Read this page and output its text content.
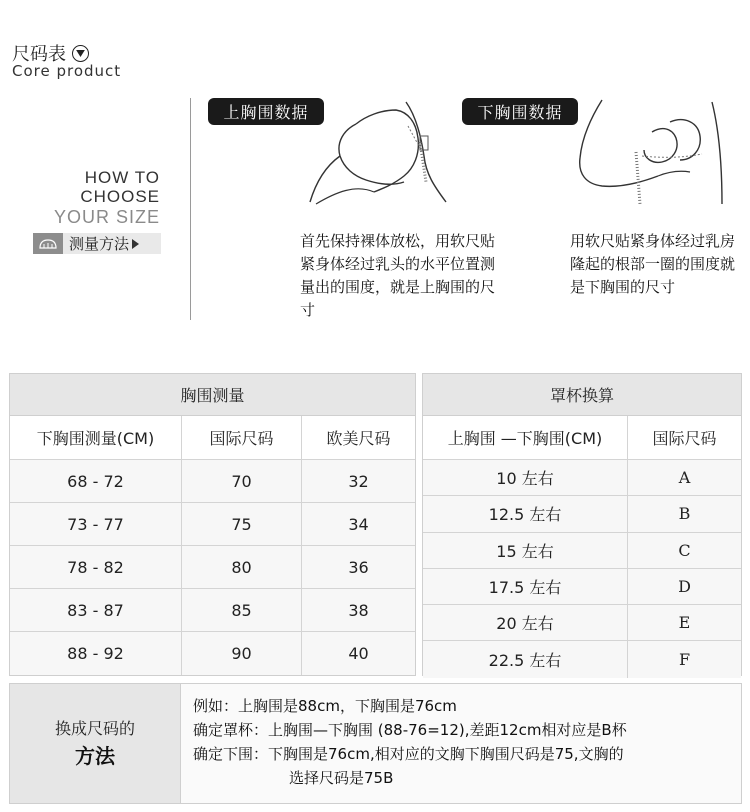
尺码表
Core product
HOW TO
CHOOSE
YOUR SIZE
测量方法
上胸围数据	下胸围数据
首先保持裸体放松，用软尺贴紧身体经过乳头的水平位置测量出的围度，就是上胸围的尺寸
用软尺贴紧身体经过乳房隆起的根部一圈的围度就是下胸围的尺寸
胸围测量
下胸围测量(CM)	国际尺码	欧美尺码
68 - 72	70	32
73 - 77	75	34
78 - 82	80	36
83 - 87	85	38
88 - 92	90	40
罩杯换算
上胸围 —下胸围(CM)	国际尺码
10 左右	A
12.5 左右	B
15 左右	C
17.5 左右	D
20 左右	E
22.5 左右	F
换成尺码的
方法
例如：上胸围是88cm，下胸围是76cm
确定罩杯：上胸围—下胸围 (88-76=12),差距12cm相对应是B杯
确定下围：下胸围是76cm,相对应的文胸下胸围尺码是75,文胸的
选择尺码是75B
